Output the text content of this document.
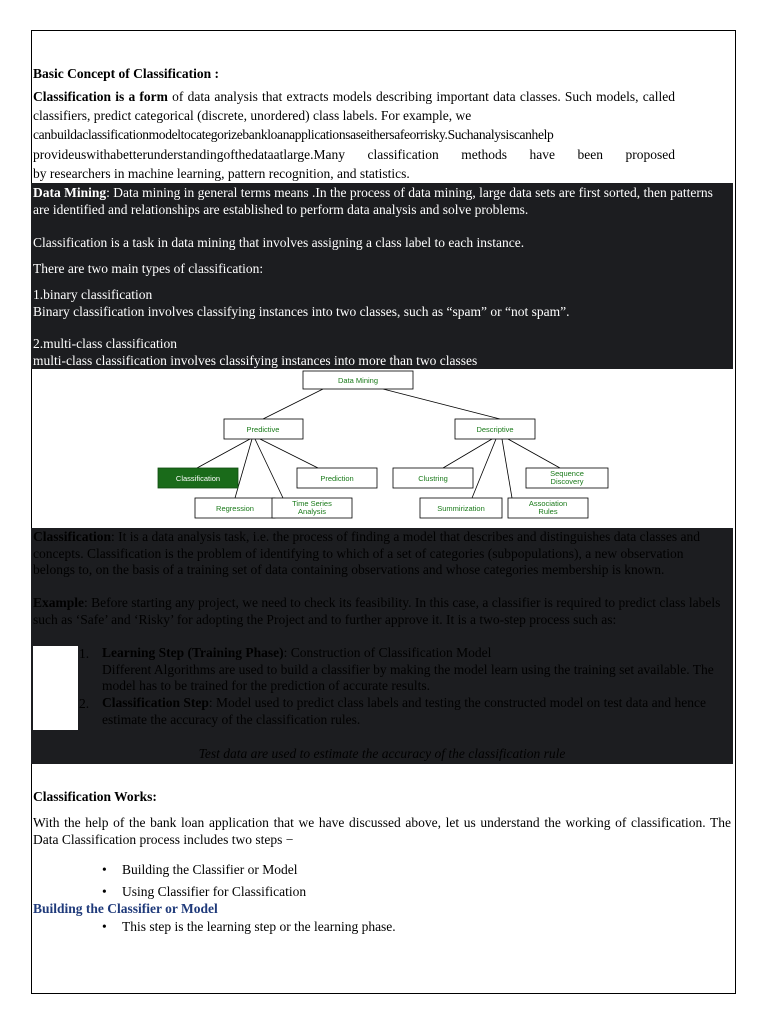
Basic Concept of Classification :
Classification is a form of data analysis that extracts models describing important data classes. Such models, called classifiers, predict categorical (discrete, unordered) class labels. For example, we
canbuildaclassificationmodeltocategorizebankloanapplicationsaseithersafeorrisky.Suchanalysiscanhelp
provideuswithabetterunderstandingofthedataatlarge.Many classification methods have been proposed
by researchers in machine learning, pattern recognition, and statistics.
Data Mining: Data mining in general terms means .In the process of data mining, large data sets are first sorted, then patterns are identified and relationships are established to perform data analysis and solve problems.
Classification is a task in data mining that involves assigning a class label to each instance.
There are two main types of classification:
1.binary classification
Binary classification involves classifying instances into two classes, such as “spam” or “not spam”.
2.multi-class classification
multi-class classification involves classifying instances into more than two classes
Data Mining
Predictive	Descriptive
Classification	Prediction	Clustring
Sequence
Discovery
Regression
Time Series
Analysis	Summirization
Association
Rules
Classification: It is a data analysis task, i.e. the process of finding a model that describes and distinguishes data classes and concepts. Classification is the problem of identifying to which of a set of categories (subpopulations), a new observation belongs to, on the basis of a training set of data containing observations and whose categories membership is known.
Example: Before starting any project, we need to check its feasibility. In this case, a classifier is required to predict class labels such as ‘Safe’ and ‘Risky’ for adopting the Project and to further approve it. It is a two-step process such as:
1. Learning Step (Training Phase): Construction of Classification Model
Different Algorithms are used to build a classifier by making the model learn using the training set available. The model has to be trained for the prediction of accurate results.
2. Classification Step: Model used to predict class labels and testing the constructed model on test data and hence estimate the accuracy of the classification rules.
Test data are used to estimate the accuracy of the classification rule
Classification Works:
With the help of the bank loan application that we have discussed above, let us understand the working of classification. The Data Classification process includes two steps −
• Building the Classifier or Model
• Using Classifier for Classification
Building the Classifier or Model
• This step is the learning step or the learning phase.
